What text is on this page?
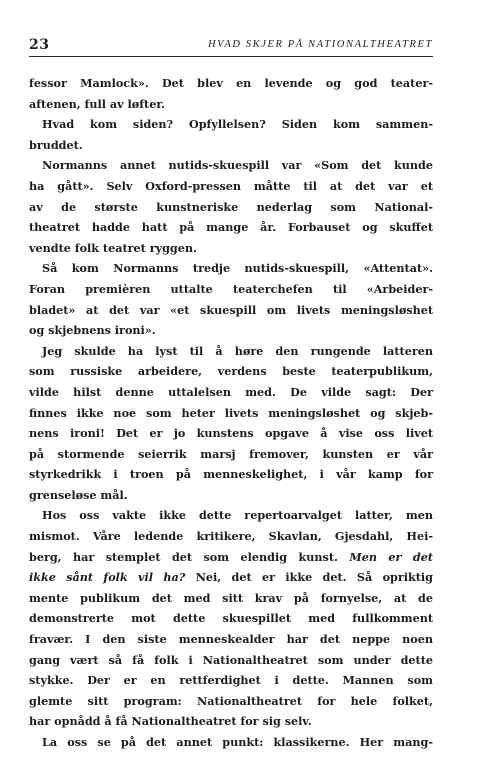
23	HVAD SKJER PÅ NATIONALTHEATRET
fessor Mamlock». Det blev en levende og god teater-
aftenen, full av løfter.
Hvad kom siden? Opfyllelsen? Siden kom sammen-
bruddet.
Normanns annet nutids-skuespill var «Som det kunde
ha gått». Selv Oxford-pressen måtte til at det var et
av de største kunstneriske nederlag som National-
theatret hadde hatt på mange år. Forbauset og skuffet
vendte folk teatret ryggen.
Så kom Normanns tredje nutids-skuespill, «Attentat».
Foran premièren uttalte teaterchefen til «Arbeider-
bladet» at det var «et skuespill om livets meningsløshet
og skjebnens ironi».
Jeg skulde ha lyst til å høre den rungende latteren
som russiske arbeidere, verdens beste teaterpublikum,
vilde hilst denne uttalelsen med. De vilde sagt: Der
finnes ikke noe som heter livets meningsløshet og skjeb-
nens ironi! Det er jo kunstens opgave å vise oss livet
på stormende seierrik marsj fremover, kunsten er vår
styrkedrikk i troen på menneskelighet, i vår kamp for
grenseløse mål.
Hos oss vakte ikke dette repertoarvalget latter, men
mismot. Våre ledende kritikere, Skavlan, Gjesdahl, Hei-
berg, har stemplet det som elendig kunst. Men er det
ikke sånt folk vil ha? Nei, det er ikke det. Så opriktig
mente publikum det med sitt krav på fornyelse, at de
demonstrerte mot dette skuespillet med fullkomment
fravær. I den siste menneskealder har det neppe noen
gang vært så få folk i Nationaltheatret som under dette
stykke. Der er en rettferdighet i dette. Mannen som
glemte sitt program: Nationaltheatret for hele folket,
har opnådd å få Nationaltheatret for sig selv.
La oss se på det annet punkt: klassikerne. Her mang-
